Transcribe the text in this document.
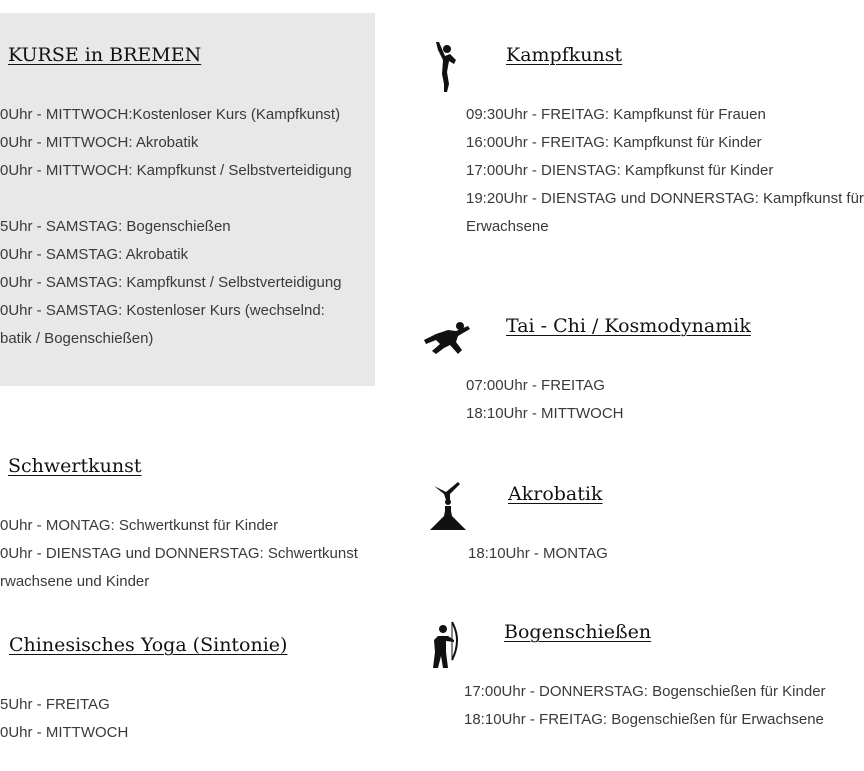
KURSE in BREMEN

0Uhr - MITTWOCH:Kostenloser Kurs (Kampfkunst)

0Uhr - MITTWOCH: Akrobatik

0Uhr - MITTWOCH: Kampfkunst / Selbstverteidigung

5Uhr - SAMSTAG: Bogenschießen

0Uhr - SAMSTAG: Akrobatik

0Uhr - SAMSTAG: Kampfkunst / Selbstverteidigung

0Uhr - SAMSTAG: Kostenloser Kurs (wechselnd:

batik / Bogenschießen)

Schwertkunst

0Uhr - MONTAG: Schwertkunst für Kinder

0Uhr - DIENSTAG und DONNERSTAG: Schwertkunst

rwachsene und Kinder

Chinesisches Yoga (Sintonie)

5Uhr - FREITAG

0Uhr - MITTWOCH

Kampfkunst

09:30Uhr - FREITAG: Kampfkunst für Frauen

16:00Uhr - FREITAG: Kampfkunst für Kinder

17:00Uhr - DIENSTAG: Kampfkunst für Kinder

19:20Uhr - DIENSTAG und DONNERSTAG: Kampfkunst für

Erwachsene

Tai - Chi / Kosmodynamik

07:00Uhr - FREITAG

18:10Uhr - MITTWOCH

Akrobatik

18:10Uhr - MONTAG

Bogenschießen

17:00Uhr - DONNERSTAG: Bogenschießen für Kinder

18:10Uhr - FREITAG: Bogenschießen für Erwachsene
